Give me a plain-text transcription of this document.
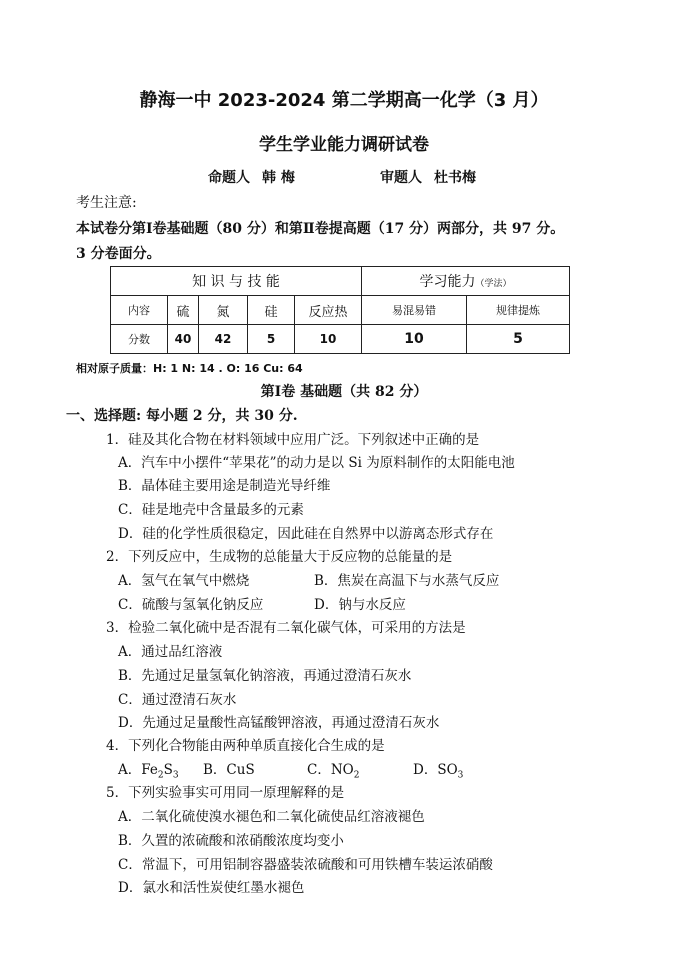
静海一中 2023-2024 第二学期高一化学（3 月）
学生学业能力调研试卷
命题人 韩 梅	审题人 杜书梅
考生注意:
本试卷分第Ⅰ卷基础题（80 分）和第Ⅱ卷提高题（17 分）两部分，共 97 分。
3 分卷面分。
知 识 与 技 能					学习能力（学法）	
内容	硫	氮	硅	反应热	易混易错	规律提炼
分数	40	42	5	10	10	5
相对原子质量：H: 1 N: 14 . O: 16 Cu: 64
第Ⅰ卷 基础题（共 82 分）
一、选择题: 每小题 2 分，共 30 分.
1．硅及其化合物在材料领域中应用广泛。下列叙述中正确的是
A．汽车中小摆件“苹果花”的动力是以 Si 为原料制作的太阳能电池
B．晶体硅主要用途是制造光导纤维
C．硅是地壳中含量最多的元素
D．硅的化学性质很稳定，因此硅在自然界中以游离态形式存在
2．下列反应中，生成物的总能量大于反应物的总能量的是
A．氢气在氧气中燃烧	B．焦炭在高温下与水蒸气反应
C．硫酸与氢氧化钠反应	D．钠与水反应
3．检验二氧化硫中是否混有二氧化碳气体，可采用的方法是
A．通过品红溶液
B．先通过足量氢氧化钠溶液，再通过澄清石灰水
C．通过澄清石灰水
D．先通过足量酸性高锰酸钾溶液，再通过澄清石灰水
4．下列化合物能由两种单质直接化合生成的是
A．$Fe_2S_3$ B．CuS	C．$NO_2$	D．$SO_3$
5．下列实验事实可用同一原理解释的是
A．二氧化硫使溴水褪色和二氧化硫使品红溶液褪色
B．久置的浓硫酸和浓硝酸浓度均变小
C．常温下，可用铝制容器盛装浓硫酸和可用铁槽车装运浓硝酸
D．氯水和活性炭使红墨水褪色
